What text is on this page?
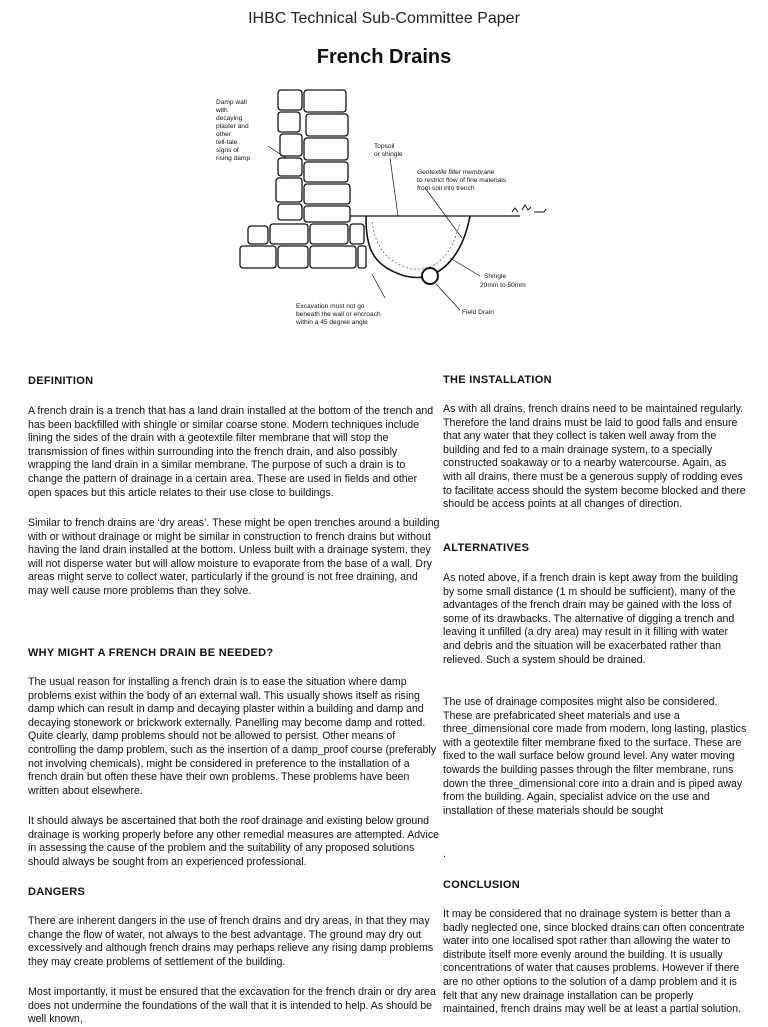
IHBC Technical Sub-Committee Paper
French Drains
Damp wall
with
decaying
plaster and
other
tell-tale
signs of
rising damp
Topsoil
or shingle
Geotextile filter membrane
to restrict flow of fine materials
from soil into trench
Shingle
20mm to 50mm
Field Drain
Excavation must not go
beneath the wall or encroach
within a 45 degree angle
DEFINITION

A french drain is a trench that has a land drain installed at the bottom of the trench and has been backfilled with shingle or similar coarse stone. Modern techniques include lining the sides of the drain with a geotextile filter membrane that will stop the transmission of fines within surrounding into the french drain, and also possibly wrapping the land drain in a similar membrane. The purpose of such a drain is to change the pattern of drainage in a certain area. These are used in fields and other open spaces but this article relates to their use close to buildings.

Similar to french drains are ‘dry areas’. These might be open trenches around a building with or without drainage or might be similar in construction to french drains but without having the land drain installed at the bottom. Unless built with a drainage system, they will not disperse water but will allow moisture to evaporate from the base of a wall. Dry areas might serve to collect water, particularly if the ground is not free draining, and may well cause more problems than they solve.

WHY MIGHT A FRENCH DRAIN BE NEEDED?

The usual reason for installing a french drain is to ease the situation where damp problems exist within the body of an external wall. This usually shows itself as rising damp which can result in damp and decaying plaster within a building and damp and decaying stonework or brickwork externally. Panelling may become damp and rotted. Quite clearly, damp problems should not be allowed to persist. Other means of controlling the damp problem, such as the insertion of a damp_proof course (preferably not involving chemicals), might be considered in preference to the installation of a french drain but often these have their own problems. These problems have been written about elsewhere.

It should always be ascertained that both the roof drainage and existing below ground drainage is working properly before any other remedial measures are attempted. Advice in assessing the cause of the problem and the suitability of any proposed solutions should always be sought from an experienced professional.

DANGERS

There are inherent dangers in the use of french drains and dry areas, in that they may change the flow of water, not always to the best advantage. The ground may dry out excessively and although french drains may perhaps relieve any rising damp problems they may create problems of settlement of the building.

Most importantly, it must be ensured that the excavation for the french drain or dry area does not undermine the foundations of the wall that it is intended to help. As should be well known,

THE INSTALLATION

As with all drains, french drains need to be maintained regularly. Therefore the land drains must be laid to good falls and ensure that any water that they collect is taken well away from the building and fed to a main drainage system, to a specially constructed soakaway or to a nearby watercourse. Again, as with all drains, there must be a generous supply of rodding eves to facilitate access should the system become blocked and there should be access points at all changes of direction.

ALTERNATIVES

As noted above, if a french drain is kept away from the building by some small distance (1 m should be sufficient), many of the advantages of the french drain may be gained with the loss of some of its drawbacks. The alternative of digging a trench and leaving it unfilled (a dry area) may result in it filling with water and debris and the situation will be exacerbated rather than relieved. Such a system should be drained.

The use of drainage composites might also be considered. These are prefabricated sheet materials and use a three_dimensional core made from modern, long lasting, plastics with a geotextile filter membrane fixed to the surface. These are fixed to the wall surface below ground level. Any water moving towards the building passes through the filter membrane, runs down the three_dimensional core into a drain and is piped away from the building. Again, specialist advice on the use and installation of these materials should be sought

.

CONCLUSION

It may be considered that no drainage system is better than a badly neglected one, since blocked drains can often concentrate water into one localised spot rather than allowing the water to distribute itself more evenly around the building. It is usually concentrations of water that causes problems. However if there are no other options to the solution of a damp problem and it is felt that any new drainage installation can be properly maintained, french drains may well be at least a partial solution.
